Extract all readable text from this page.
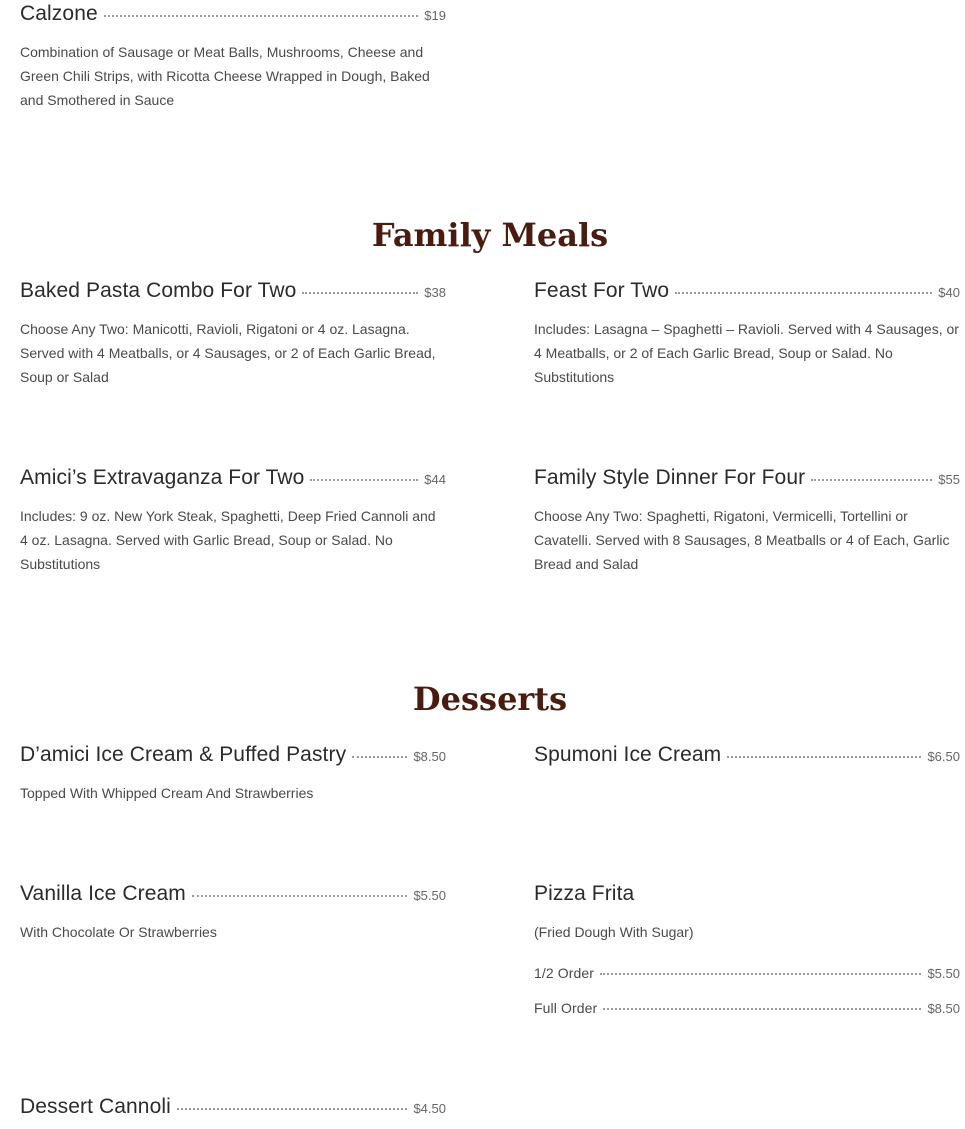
Calzone	$19
Combination of Sausage or Meat Balls, Mushrooms, Cheese and Green Chili Strips, with Ricotta Cheese Wrapped in Dough, Baked and Smothered in Sauce
Family Meals
Baked Pasta Combo For Two	$38
Choose Any Two: Manicotti, Ravioli, Rigatoni or 4 oz. Lasagna. Served with 4 Meatballs, or 4 Sausages, or 2 of Each Garlic Bread, Soup or Salad
Feast For Two	$40
Includes: Lasagna – Spaghetti – Ravioli. Served with 4 Sausages, or 4 Meatballs, or 2 of Each Garlic Bread, Soup or Salad. No Substitutions
Amici’s Extravaganza For Two	$44
Includes: 9 oz. New York Steak, Spaghetti, Deep Fried Cannoli and 4 oz. Lasagna. Served with Garlic Bread, Soup or Salad. No Substitutions
Family Style Dinner For Four	$55
Choose Any Two: Spaghetti, Rigatoni, Vermicelli, Tortellini or Cavatelli. Served with 8 Sausages, 8 Meatballs or 4 of Each, Garlic Bread and Salad
Desserts
D’amici Ice Cream & Puffed Pastry	$8.50
Topped With Whipped Cream And Strawberries
Spumoni Ice Cream	$6.50
Vanilla Ice Cream	$5.50
With Chocolate Or Strawberries
Pizza Frita
(Fried Dough With Sugar)
1/2 Order	$5.50
Full Order	$8.50
Dessert Cannoli	$4.50
